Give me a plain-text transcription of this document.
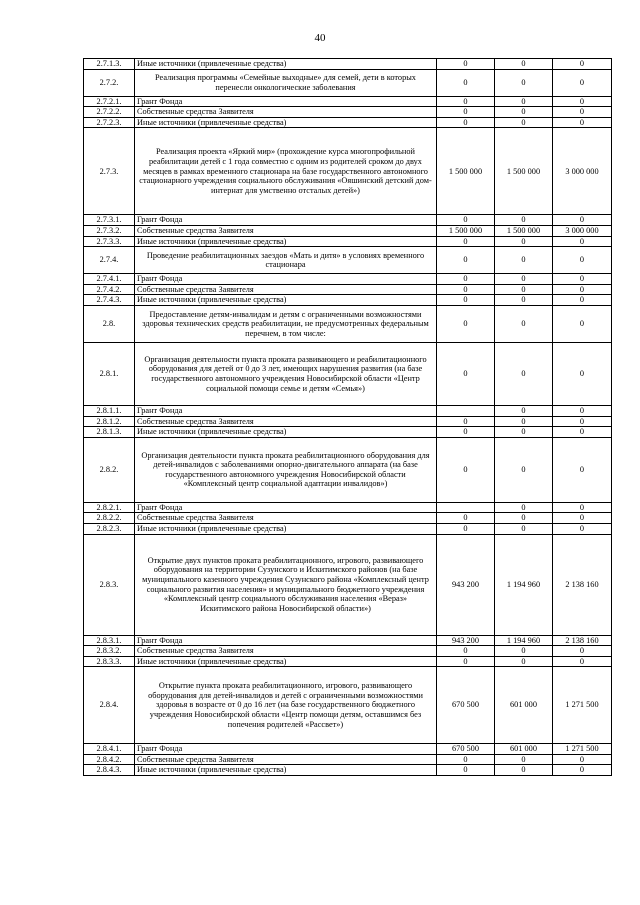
40
2.7.1.3.	Иные источники (привлеченные средства)	0	0	0
2.7.2.	Реализация программы «Семейные выходные» для семей, дети в которых перенесли онкологические заболевания	0	0	0
2.7.2.1.	Грант Фонда	0	0	0
2.7.2.2.	Собственные средства Заявителя	0	0	0
2.7.2.3.	Иные источники (привлеченные средства)	0	0	0
2.7.3.	Реализация проекта «Яркий мир» (прохождение курса многопрофильной реабилитации детей с 1 года совместно с одним из родителей сроком до двух месяцев в рамках временного стационара на базе государственного автономного стационарного учреждения социального обслуживания «Ояшинский детский дом-интернат для умственно отсталых детей»)	1 500 000	1 500 000	3 000 000
2.7.3.1.	Грант Фонда	0	0	0
2.7.3.2.	Собственные средства Заявителя	1 500 000	1 500 000	3 000 000
2.7.3.3.	Иные источники (привлеченные средства)	0	0	0
2.7.4.	Проведение реабилитационных заездов «Мать и дитя» в условиях временного стационара	0	0	0
2.7.4.1.	Грант Фонда	0	0	0
2.7.4.2.	Собственные средства Заявителя	0	0	0
2.7.4.3.	Иные источники (привлеченные средства)	0	0	0
2.8.	Предоставление детям-инвалидам и детям с ограниченными возможностями здоровья технических средств реабилитации, не предусмотренных федеральным перечнем, в том числе:	0	0	0
2.8.1.	Организация деятельности пункта проката развивающего и реабилитационного оборудования для детей от 0 до 3 лет, имеющих нарушения развития (на базе государственного автономного учреждения Новосибирской области «Центр социальной помощи семье и детям «Семья»)	0	0	0
2.8.1.1.	Грант Фонда		0	0
2.8.1.2.	Собственные средства Заявителя	0	0	0
2.8.1.3.	Иные источники (привлеченные средства)	0	0	0
2.8.2.	Организация деятельности пункта проката реабилитационного оборудования для детей-инвалидов с заболеваниями опорно-двигательного аппарата (на базе государственного автономного учреждения Новосибирской области «Комплексный центр социальной адаптации инвалидов»)	0	0	0
2.8.2.1.	Грант Фонда		0	0
2.8.2.2.	Собственные средства Заявителя	0	0	0
2.8.2.3.	Иные источники (привлеченные средства)	0	0	0
2.8.3.	Открытие двух пунктов проката реабилитационного, игрового, развивающего оборудования на территории Сузунского и Искитимского районов (на базе муниципального казенного учреждения Сузунского района «Комплексный центр социального развития населения» и муниципального бюджетного учреждения «Комплексный центр социального обслуживания населения «Вераз» Искитимского района Новосибирской области»)	943 200	1 194 960	2 138 160
2.8.3.1.	Грант Фонда	943 200	1 194 960	2 138 160
2.8.3.2.	Собственные средства Заявителя	0	0	0
2.8.3.3.	Иные источники (привлеченные средства)	0	0	0
2.8.4.	Открытие пункта проката реабилитационного, игрового, развивающего оборудования для детей-инвалидов и детей с ограниченными возможностями здоровья в возрасте от 0 до 16 лет (на базе государственного бюджетного учреждения Новосибирской области «Центр помощи детям, оставшимся без попечения родителей «Рассвет»)	670 500	601 000	1 271 500
2.8.4.1.	Грант Фонда	670 500	601 000	1 271 500
2.8.4.2.	Собственные средства Заявителя	0	0	0
2.8.4.3.	Иные источники (привлеченные средства)	0	0	0
